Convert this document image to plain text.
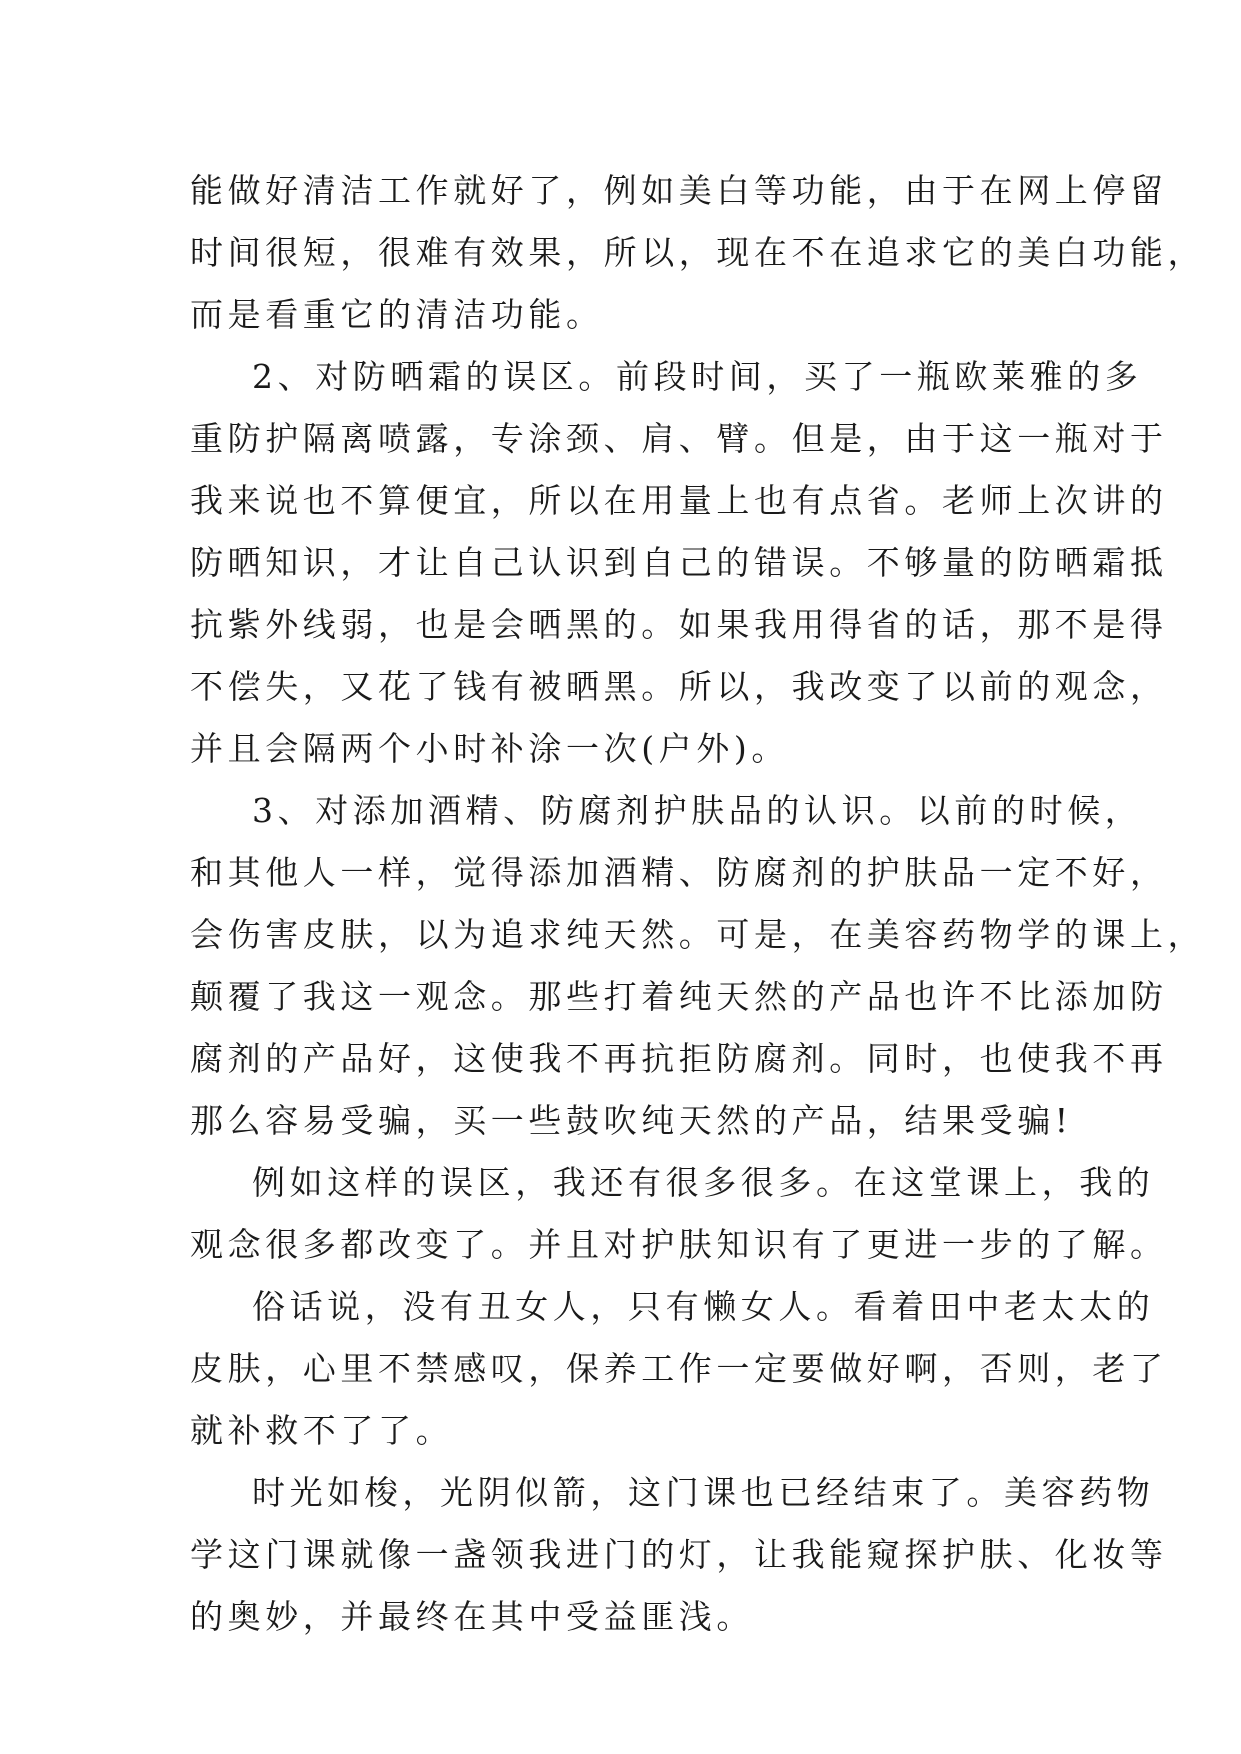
能做好清洁工作就好了，例如美白等功能，由于在网上停留
时间很短，很难有效果，所以，现在不在追求它的美白功能，
而是看重它的清洁功能。
2、对防晒霜的误区。前段时间，买了一瓶欧莱雅的多
重防护隔离喷露，专涂颈、肩、臂。但是，由于这一瓶对于
我来说也不算便宜，所以在用量上也有点省。老师上次讲的
防晒知识，才让自己认识到自己的错误。不够量的防晒霜抵
抗紫外线弱，也是会晒黑的。如果我用得省的话，那不是得
不偿失，又花了钱有被晒黑。所以，我改变了以前的观念，
并且会隔两个小时补涂一次(户外)。
3、对添加酒精、防腐剂护肤品的认识。以前的时候，
和其他人一样，觉得添加酒精、防腐剂的护肤品一定不好，
会伤害皮肤，以为追求纯天然。可是，在美容药物学的课上，
颠覆了我这一观念。那些打着纯天然的产品也许不比添加防
腐剂的产品好，这使我不再抗拒防腐剂。同时，也使我不再
那么容易受骗，买一些鼓吹纯天然的产品，结果受骗!
例如这样的误区，我还有很多很多。在这堂课上，我的
观念很多都改变了。并且对护肤知识有了更进一步的了解。
俗话说，没有丑女人，只有懒女人。看着田中老太太的
皮肤，心里不禁感叹，保养工作一定要做好啊，否则，老了
就补救不了了。
时光如梭，光阴似箭，这门课也已经结束了。美容药物
学这门课就像一盏领我进门的灯，让我能窥探护肤、化妆等
的奥妙，并最终在其中受益匪浅。
